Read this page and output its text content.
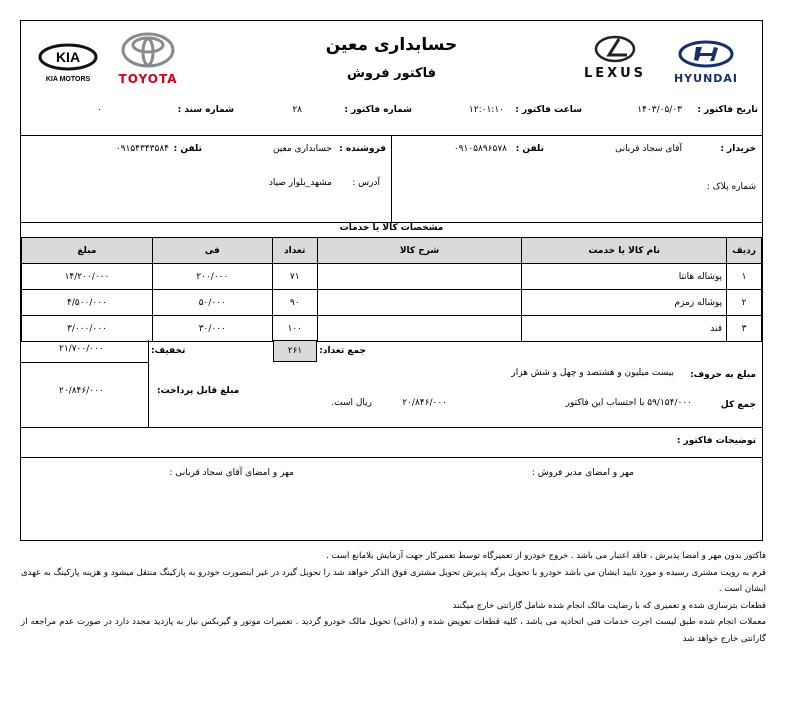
حسابداری معین
فاکتور فروش	HYUNDAI
LEXUS
TOYOTA
KIA
KIA MOTORS
تاریخ فاکتور :
۱۴۰۳/۰۵/۰۳
ساعت فاکتور :
۱۲:۰۱:۱۰
شماره فاکتور :
۲۸
شماره سند :
۰
خریدار :
آقای سجاد قربانی
تلفن :
۰۹۱۰۵۸۹۶۵۷۸
شماره پلاک :
فروشنده :
حسابداری معین
تلفن :
۰۹۱۵۴۳۴۳۵۸۴
آدرس :
مشهد_بلوار صیاد
مشخصات کالا یا خدمات
ردیف	نام کالا یا خدمت	شرح کالا	تعداد	فی	مبلغ
۱	پوشاله هانتا		۷۱	۲۰۰/۰۰۰	۱۴/۲۰۰/۰۰۰
۲	پوشاله زمزم		۹۰	۵۰/۰۰۰	۴/۵۰۰/۰۰۰
۳	قند		۱۰۰	۳۰/۰۰۰	۳/۰۰۰/۰۰۰
۲۶۱	جمع تعداد:
تخفیف:
۲۱/۷۰۰/۰۰۰
مبلغ به حروف:
بیست میلیون و هشتصد و چهل و شش هزار
جمع کل
۵۹/۱۵۴/۰۰۰ با احتساب این فاکتور
۲۰/۸۴۶/۰۰۰
ریال است.
مبلغ قابل پرداخت:
۲۰/۸۴۶/۰۰۰
توضیحات فاکتور :
مهر و امضای مدیر فروش :
مهر و امضای آقای سجاد قربانی :

فاکتور بدون مهر و امضا پذیرش ، فاقد اعتبار می باشد . خروج خودرو از تعمیرگاه توسط تعمیرکار جهت آزمایش بلامانع است .

قرم به رویت مشتری رسیده و مورد تایید ایشان می باشد خودرو با تحویل برگه پذیرش تحویل مشتری فوق الذکر خواهد شد را تحویل گیرد در غیر اینصورت خودرو به پارکینگ منتقل میشود و هزینه پارکینگ به عهدی ایشان است .

قطعات بتزسازی شده و تعمیری که با رضایت مالک انجام شده شامل گارانتی خارج میگنند

معملات انجام شده طبق لیست اجرت خدمات فنی اتحادیه می باشد ، کلیه قطعات تعویض شده و (داغی) تحویل مالک خودرو گردید . تعمیرات موتور و گیربکس نیاز به پازدید مجدد دارد در صورت عدم مراجعه از گارانتی خارج خواهد شد
